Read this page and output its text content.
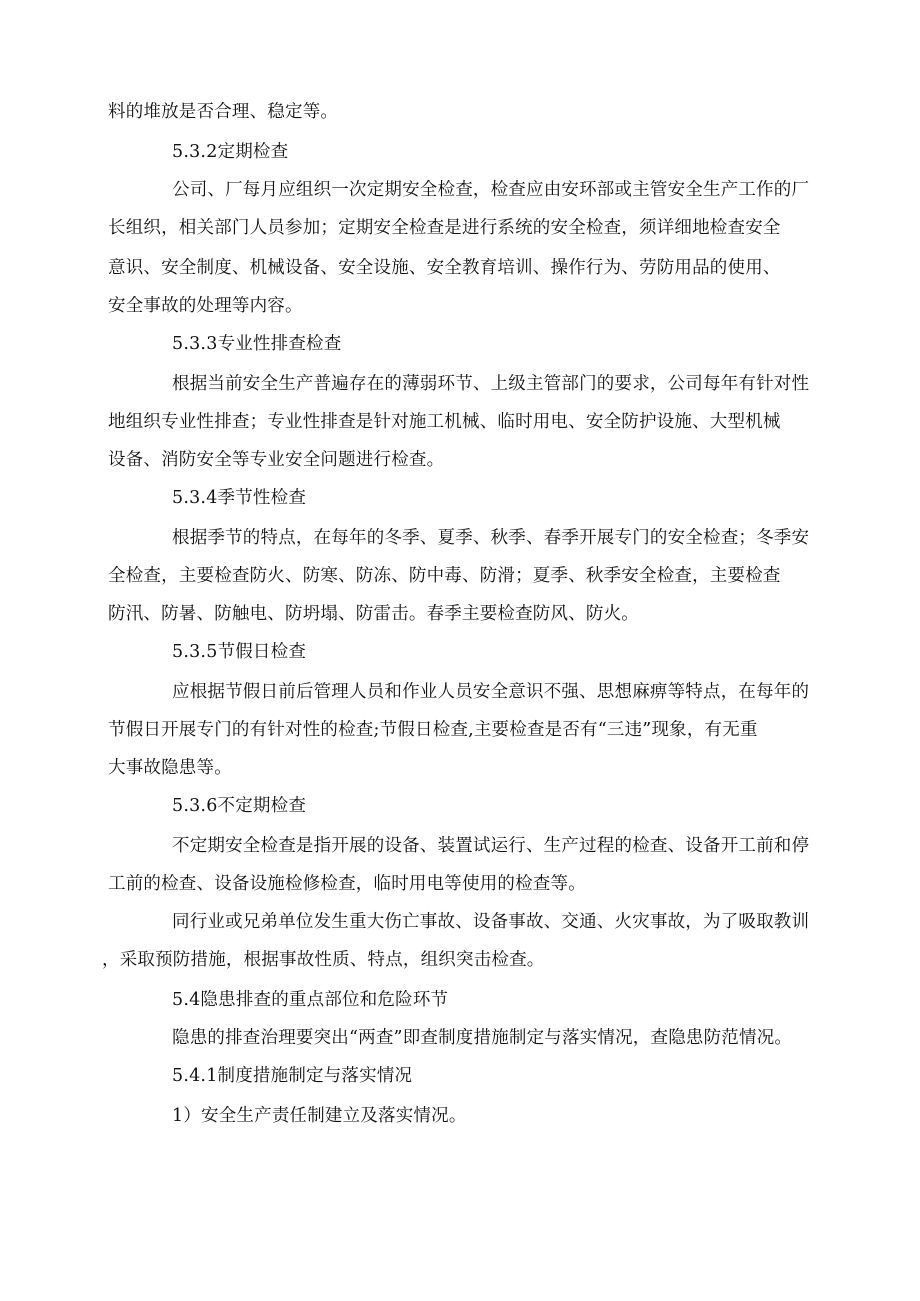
料的堆放是否合理、稳定等。
5.3.2定期检查
公司、厂每月应组织一次定期安全检查，检查应由安环部或主管安全生产工作的厂
长组织，相关部门人员参加；定期安全检查是进行系统的安全检查，须详细地检查安全
意识、安全制度、机械设备、安全设施、安全教育培训、操作行为、劳防用品的使用、
安全事故的处理等内容。
5.3.3专业性排查检查
根据当前安全生产普遍存在的薄弱环节、上级主管部门的要求，公司每年有针对性
地组织专业性排查；专业性排查是针对施工机械、临时用电、安全防护设施、大型机械
设备、消防安全等专业安全问题进行检查。
5.3.4季节性检查
根据季节的特点，在每年的冬季、夏季、秋季、春季开展专门的安全检查；冬季安
全检查，主要检查防火、防寒、防冻、防中毒、防滑；夏季、秋季安全检查，主要检查
防汛、防暑、防触电、防坍塌、防雷击。春季主要检查防风、防火。
5.3.5节假日检查
应根据节假日前后管理人员和作业人员安全意识不强、思想麻痹等特点，在每年的
节假日开展专门的有针对性的检查;节假日检查,主要检查是否有“三违”现象，有无重
大事故隐患等。
5.3.6不定期检查
不定期安全检查是指开展的设备、装置试运行、生产过程的检查、设备开工前和停
工前的检查、设备设施检修检查，临时用电等使用的检查等。
同行业或兄弟单位发生重大伤亡事故、设备事故、交通、火灾事故，为了吸取教训
，采取预防措施，根据事故性质、特点，组织突击检查。
5.4隐患排查的重点部位和危险环节
隐患的排查治理要突出“两查”即查制度措施制定与落实情况，查隐患防范情况。
5.4.1制度措施制定与落实情况
1）安全生产责任制建立及落实情况。
